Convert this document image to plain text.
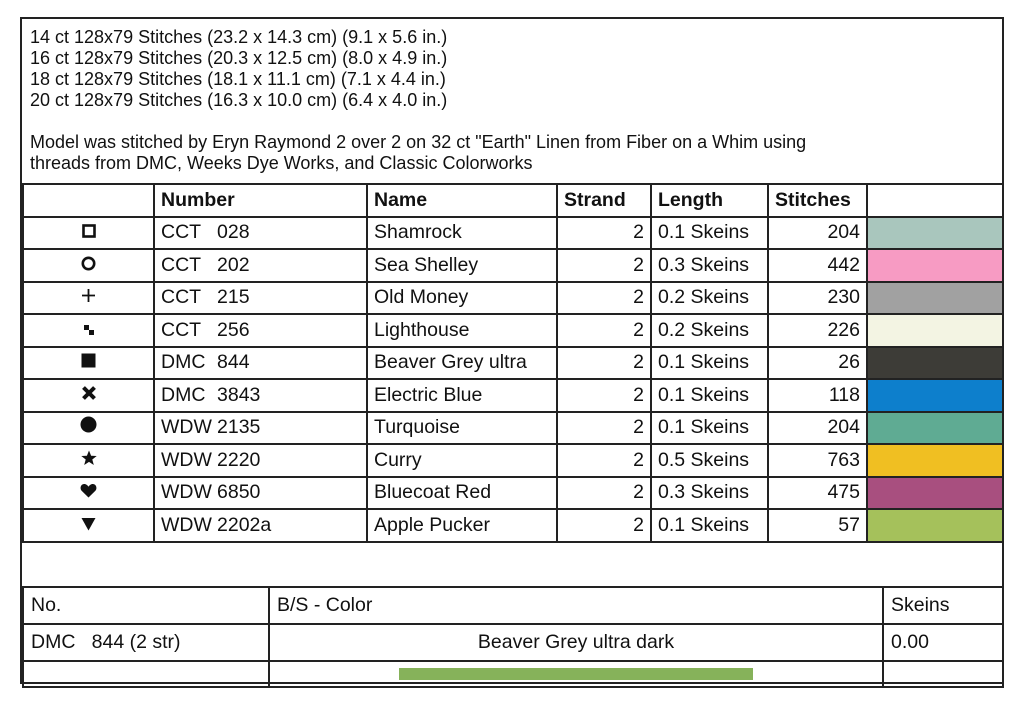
14 ct 128x79 Stitches (23.2 x 14.3 cm) (9.1 x 5.6 in.)
16 ct 128x79 Stitches (20.3 x 12.5 cm) (8.0 x 4.9 in.)
18 ct 128x79 Stitches (18.1 x 11.1 cm) (7.1 x 4.4 in.)
20 ct 128x79 Stitches (16.3 x 10.0 cm) (6.4 x 4.0 in.)
Model was stitched by Eryn Raymond 2 over 2 on 32 ct "Earth" Linen from Fiber on a Whim using
threads from DMC, Weeks Dye Works, and Classic Colorworks
	Number	Name	Strand	Length	Stitches	
	CCT 028	Shamrock	2	0.1 Skeins	204	

	CCT 202	Sea Shelley	2	0.3 Skeins	442	

	CCT 215	Old Money	2	0.2 Skeins	230	

	CCT 256	Lighthouse	2	0.2 Skeins	226	

	DMC 844	Beaver Grey ultra	2	0.1 Skeins	26	

	DMC 3843	Electric Blue	2	0.1 Skeins	118	

	WDW 2135	Turquoise	2	0.1 Skeins	204	

	WDW 2220	Curry	2	0.5 Skeins	763	

	WDW 6850	Bluecoat Red	2	0.3 Skeins	475	

	WDW 2202a	Apple Pucker	2	0.1 Skeins	57	
No.	B/S - Color	Skeins
DMC   844 (2 str)	Beaver Grey ultra dark	0.00
